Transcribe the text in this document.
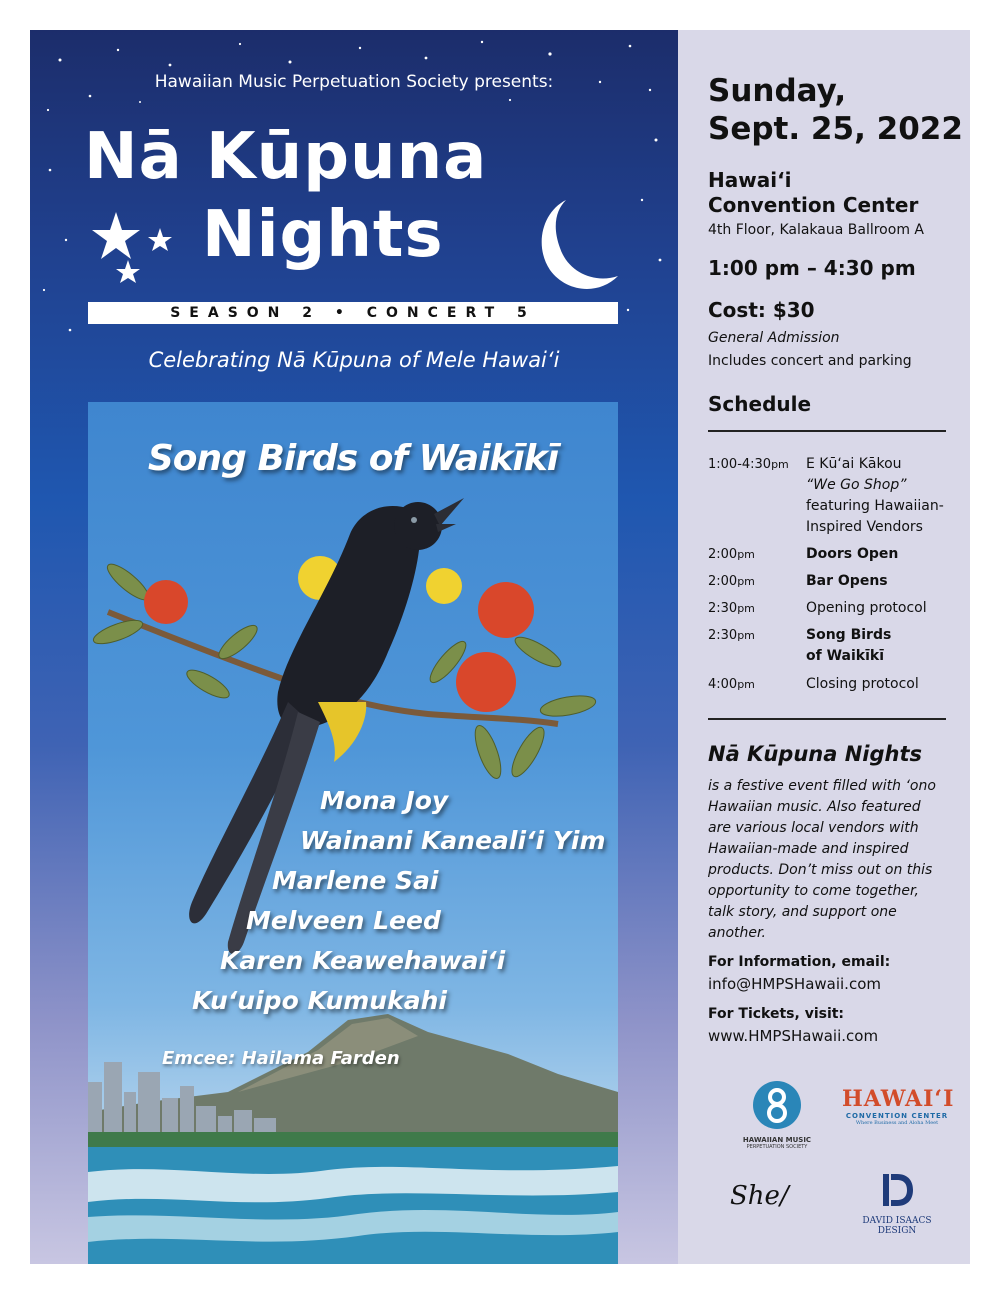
Hawaiian Music Perpetuation Society presents:
Nā Kūpuna
Nights
SEASON 2 • CONCERT 5
Celebrating Nā Kūpuna of Mele Hawai‘i
Song Birds of Waikīkī
Mona Joy
Wainani Kaneali‘i Yim
Marlene Sai
Melveen Leed
Karen Keawehawai‘i
Ku‘uipo Kumukahi
Emcee: Hailama Farden
Sunday,
Sept. 25, 2022
Hawai‘i
Convention Center
4th Floor, Kalakaua Ballroom A
1:00 pm – 4:30 pm
Cost: $30
General Admission
Includes concert and parking
Schedule
1:00-4:30pm E Kū‘ai Kākou
“We Go Shop”
featuring Hawaiian-
Inspired Vendors
2:00pm	Doors Open
2:00pm	Bar Opens
2:30pm	Opening protocol
2:30pm	Song Birds
of Waikīkī
4:00pm	Closing protocol
Nā Kūpuna Nights
is a festive event filled with ‘ono Hawaiian music. Also featured are various local vendors with Hawaiian-made and inspired products. Don’t miss out on this opportunity to come together, talk story, and support one another.
For Information, email:
info@HMPSHawaii.com
For Tickets, visit:
www.HMPSHawaii.com
HAWAIIAN MUSIC
PERPETUATION SOCIETY
HAWAI‘I
CONVENTION CENTER
Where Business and Aloha Meet
She/
DAVID ISAACS DESIGN
